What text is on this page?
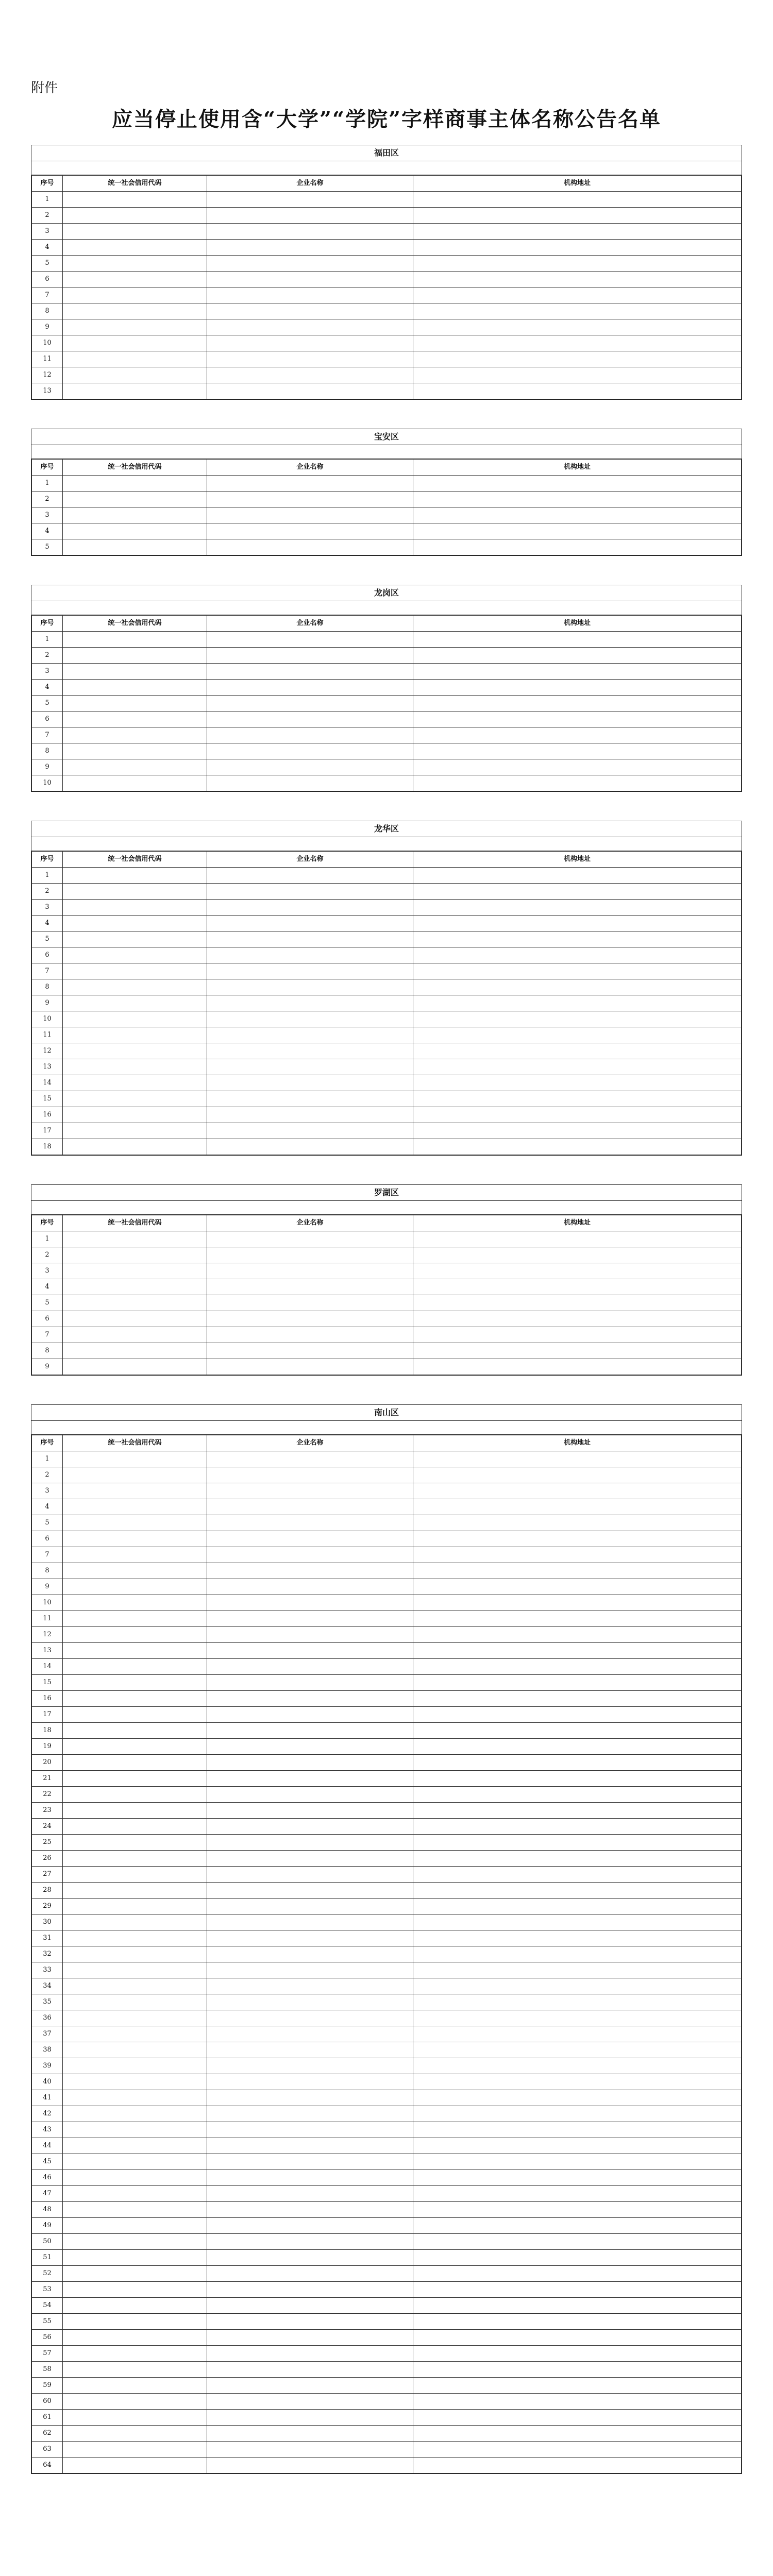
附件
应当停止使用含“大学”“学院”字样商事主体名称公告名单
福田区
序号	统一社会信用代码	企业名称	机构地址
1			
2			
3			
4			
5			
6			
7			
8			
9			
10			
11			
12			
13			
宝安区
序号	统一社会信用代码	企业名称	机构地址
1			
2			
3			
4			
5			
龙岗区
序号	统一社会信用代码	企业名称	机构地址
1			
2			
3			
4			
5			
6			
7			
8			
9			
10			
龙华区
序号	统一社会信用代码	企业名称	机构地址
1			
2			
3			
4			
5			
6			
7			
8			
9			
10			
11			
12			
13			
14			
15			
16			
17			
18			
罗湖区
序号	统一社会信用代码	企业名称	机构地址
1			
2			
3			
4			
5			
6			
7			
8			
9			
南山区
序号	统一社会信用代码	企业名称	机构地址
1			
2			
3			
4			
5			
6			
7			
8			
9			
10			
11			
12			
13			
14			
15			
16			
17			
18			
19			
20			
21			
22			
23			
24			
25			
26			
27			
28			
29			
30			
31			
32			
33			
34			
35			
36			
37			
38			
39			
40			
41			
42			
43			
44			
45			
46			
47			
48			
49			
50			
51			
52			
53			
54			
55			
56			
57			
58			
59			
60			
61			
62			
63			
64			
